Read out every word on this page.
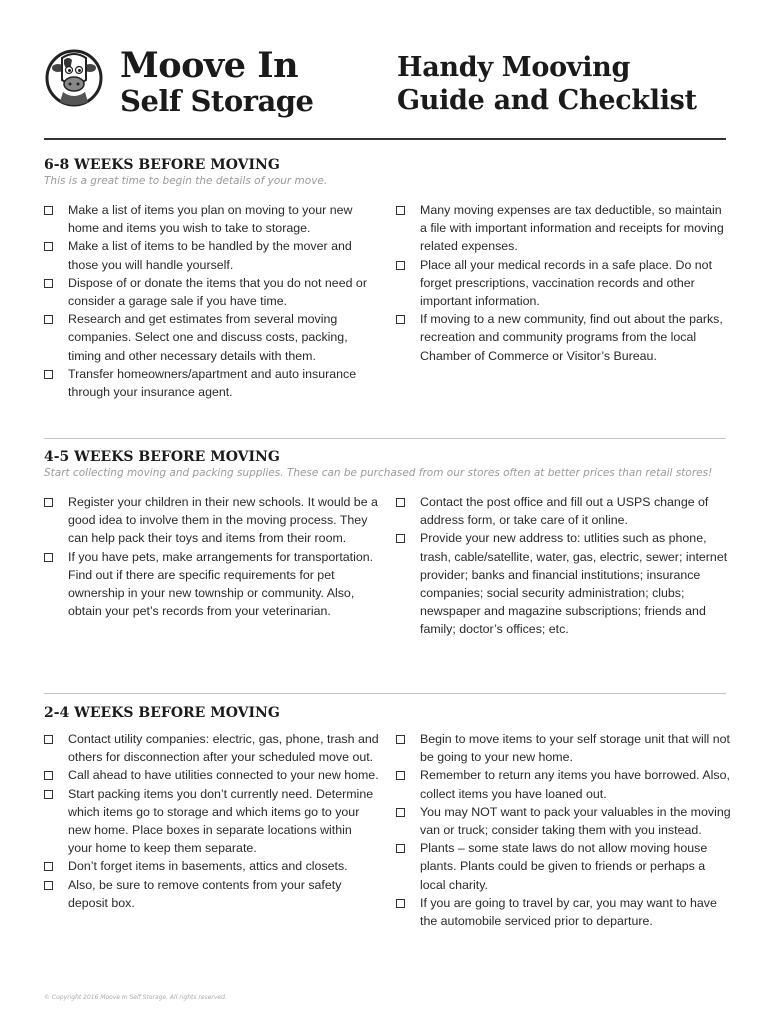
Moove In
Self Storage
Handy Mooving
Guide and Checklist
6-8 WEEKS BEFORE MOVING

This is a great time to begin the details of your move.

Make a list of items you plan on moving to your new home and items you wish to take to storage.
Make a list of items to be handled by the mover and those you will handle yourself.
Dispose of or donate the items that you do not need or consider a garage sale if you have time.
Research and get estimates from several moving companies. Select one and discuss costs, packing, timing and other necessary details with them.
Transfer homeowners/apartment and auto insurance through your insurance agent.
Many moving expenses are tax deductible, so maintain a file with important information and receipts for moving related expenses.
Place all your medical records in a safe place. Do not forget prescriptions, vaccination records and other important information.
If moving to a new community, find out about the parks, recreation and community programs from the local Chamber of Commerce or Visitor’s Bureau.
4-5 WEEKS BEFORE MOVING

Start collecting moving and packing supplies. These can be purchased from our stores often at better prices than retail stores!

Register your children in their new schools. It would be a good idea to involve them in the moving process. They can help pack their toys and items from their room.
If you have pets, make arrangements for transportation. Find out if there are specific requirements for pet ownership in your new township or community. Also, obtain your pet’s records from your veterinarian.
Contact the post office and fill out a USPS change of address form, or take care of it online.
Provide your new address to: utlities such as phone, trash, cable/satellite, water, gas, electric, sewer; internet provider; banks and financial institutions; insurance companies; social security administration; clubs; newspaper and magazine subscriptions; friends and family; doctor’s offices; etc.
2-4 WEEKS BEFORE MOVING
Contact utility companies: electric, gas, phone, trash and others for disconnection after your scheduled move out.
Call ahead to have utilities connected to your new home.
Start packing items you don’t currently need. Determine which items go to storage and which items go to your new home. Place boxes in separate locations within your home to keep them separate.
Don’t forget items in basements, attics and closets.
Also, be sure to remove contents from your safety deposit box.
Begin to move items to your self storage unit that will not be going to your new home.
Remember to return any items you have borrowed. Also, collect items you have loaned out.
You may NOT want to pack your valuables in the moving van or truck; consider taking them with you instead.
Plants – some state laws do not allow moving house plants. Plants could be given to friends or perhaps a local charity.
If you are going to travel by car, you may want to have the automobile serviced prior to departure.
© Copyright 2016 Moove In Self Storage. All rights reserved.
